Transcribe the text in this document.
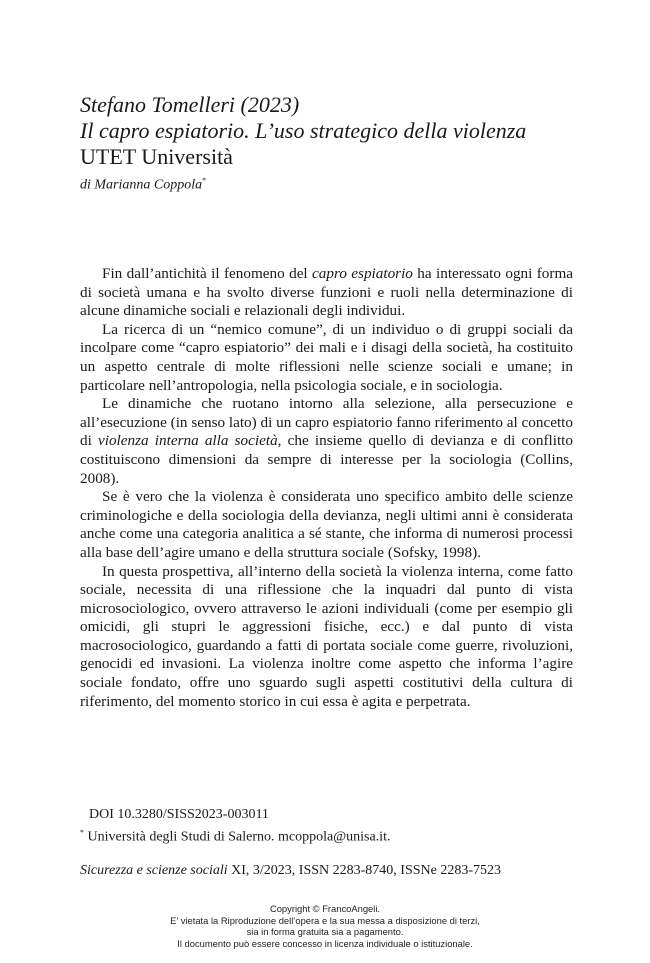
Stefano Tomelleri (2023)

Il capro espiatorio. L’uso strategico della violenza

UTET Università

di Marianna Coppola*

Fin dall’antichità il fenomeno del capro espiatorio ha interessato ogni forma di società umana e ha svolto diverse funzioni e ruoli nella determinazione di alcune dinamiche sociali e relazionali degli individui.

La ricerca di un “nemico comune”, di un individuo o di gruppi sociali da incolpare come “capro espiatorio” dei mali e i disagi della società, ha costituito un aspetto centrale di molte riflessioni nelle scienze sociali e umane; in particolare nell’antropologia, nella psicologia sociale, e in sociologia.

Le dinamiche che ruotano intorno alla selezione, alla persecuzione e all’esecuzione (in senso lato) di un capro espiatorio fanno riferimento al concetto di violenza interna alla società, che insieme quello di devianza e di conflitto costituiscono dimensioni da sempre di interesse per la sociologia (Collins, 2008).

Se è vero che la violenza è considerata uno specifico ambito delle scienze criminologiche e della sociologia della devianza, negli ultimi anni è considerata anche come una categoria analitica a sé stante, che informa di numerosi processi alla base dell’agire umano e della struttura sociale (Sofsky, 1998).

In questa prospettiva, all’interno della società la violenza interna, come fatto sociale, necessita di una riflessione che la inquadri dal punto di vista microsociologico, ovvero attraverso le azioni individuali (come per esempio gli omicidi, gli stupri le aggressioni fisiche, ecc.) e dal punto di vista macrosociologico, guardando a fatti di portata sociale come guerre, rivoluzioni, genocidi ed invasioni. La violenza inoltre come aspetto che informa l’agire sociale fondato, offre uno sguardo sugli aspetti costitutivi della cultura di riferimento, del momento storico in cui essa è agita e perpetrata.

DOI 10.3280/SISS2023-003011

* Università degli Studi di Salerno. mcoppola@unisa.it.

Sicurezza e scienze sociali XI, 3/2023, ISSN 2283-8740, ISSNe 2283-7523
Copyright © FrancoAngeli.
E’ vietata la Riproduzione dell’opera e la sua messa a disposizione di terzi,
sia in forma gratuita sia a pagamento.
Il documento può essere concesso in licenza individuale o istituzionale.
